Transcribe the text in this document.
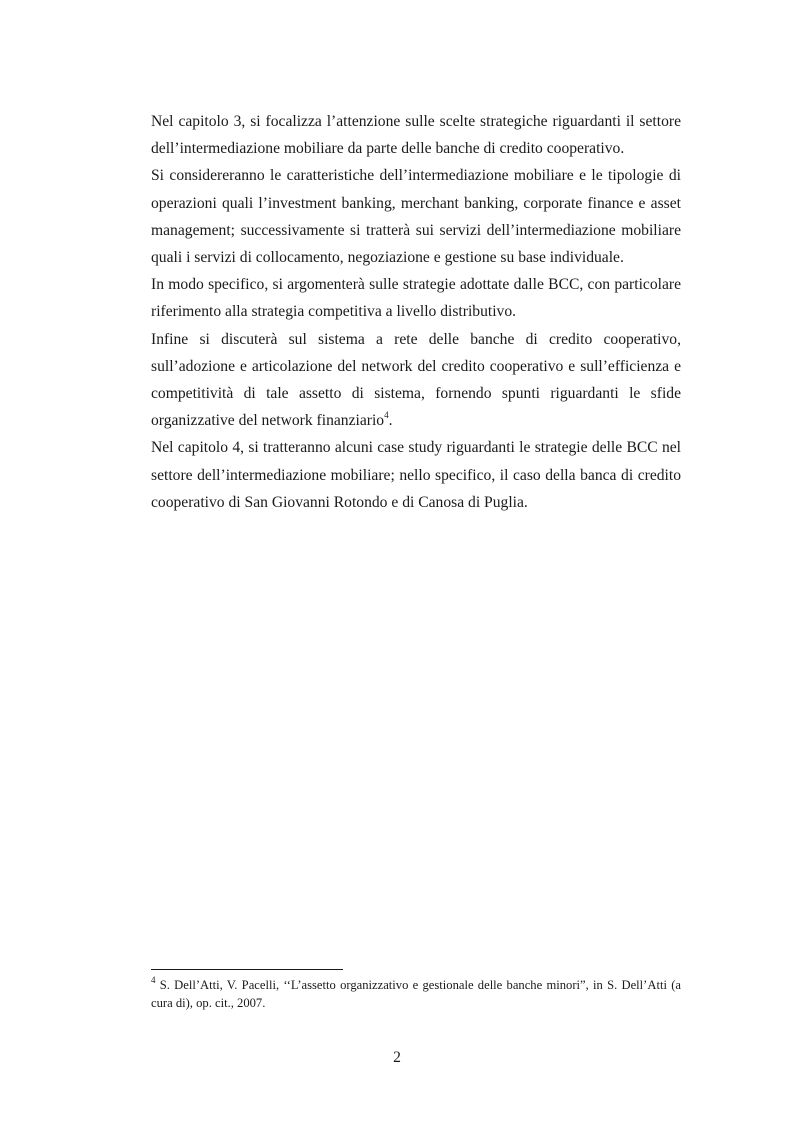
Nel capitolo 3, si focalizza l’attenzione sulle scelte strategiche riguardanti il settore dell’intermediazione mobiliare da parte delle banche di credito cooperativo.

Si considereranno le caratteristiche dell’intermediazione mobiliare e le tipologie di operazioni quali l’investment banking, merchant banking, corporate finance e asset management; successivamente si tratterà sui servizi dell’intermediazione mobiliare quali i servizi di collocamento, negoziazione e gestione su base individuale.

In modo specifico, si argomenterà sulle strategie adottate dalle BCC, con particolare riferimento alla strategia competitiva a livello distributivo.

Infine si discuterà sul sistema a rete delle banche di credito cooperativo, sull’adozione e articolazione del network del credito cooperativo e sull’efficienza e competitività di tale assetto di sistema, fornendo spunti riguardanti le sfide organizzative del network finanziario$^4$.

Nel capitolo 4, si tratteranno alcuni case study riguardanti le strategie delle BCC nel settore dell’intermediazione mobiliare; nello specifico, il caso della banca di credito cooperativo di San Giovanni Rotondo e di Canosa di Puglia.

$^4$ S. Dell’Atti, V. Pacelli, ‘‘L’assetto organizzativo e gestionale delle banche minori”, in S. Dell’Atti (a cura di), op. cit., 2007.

2
